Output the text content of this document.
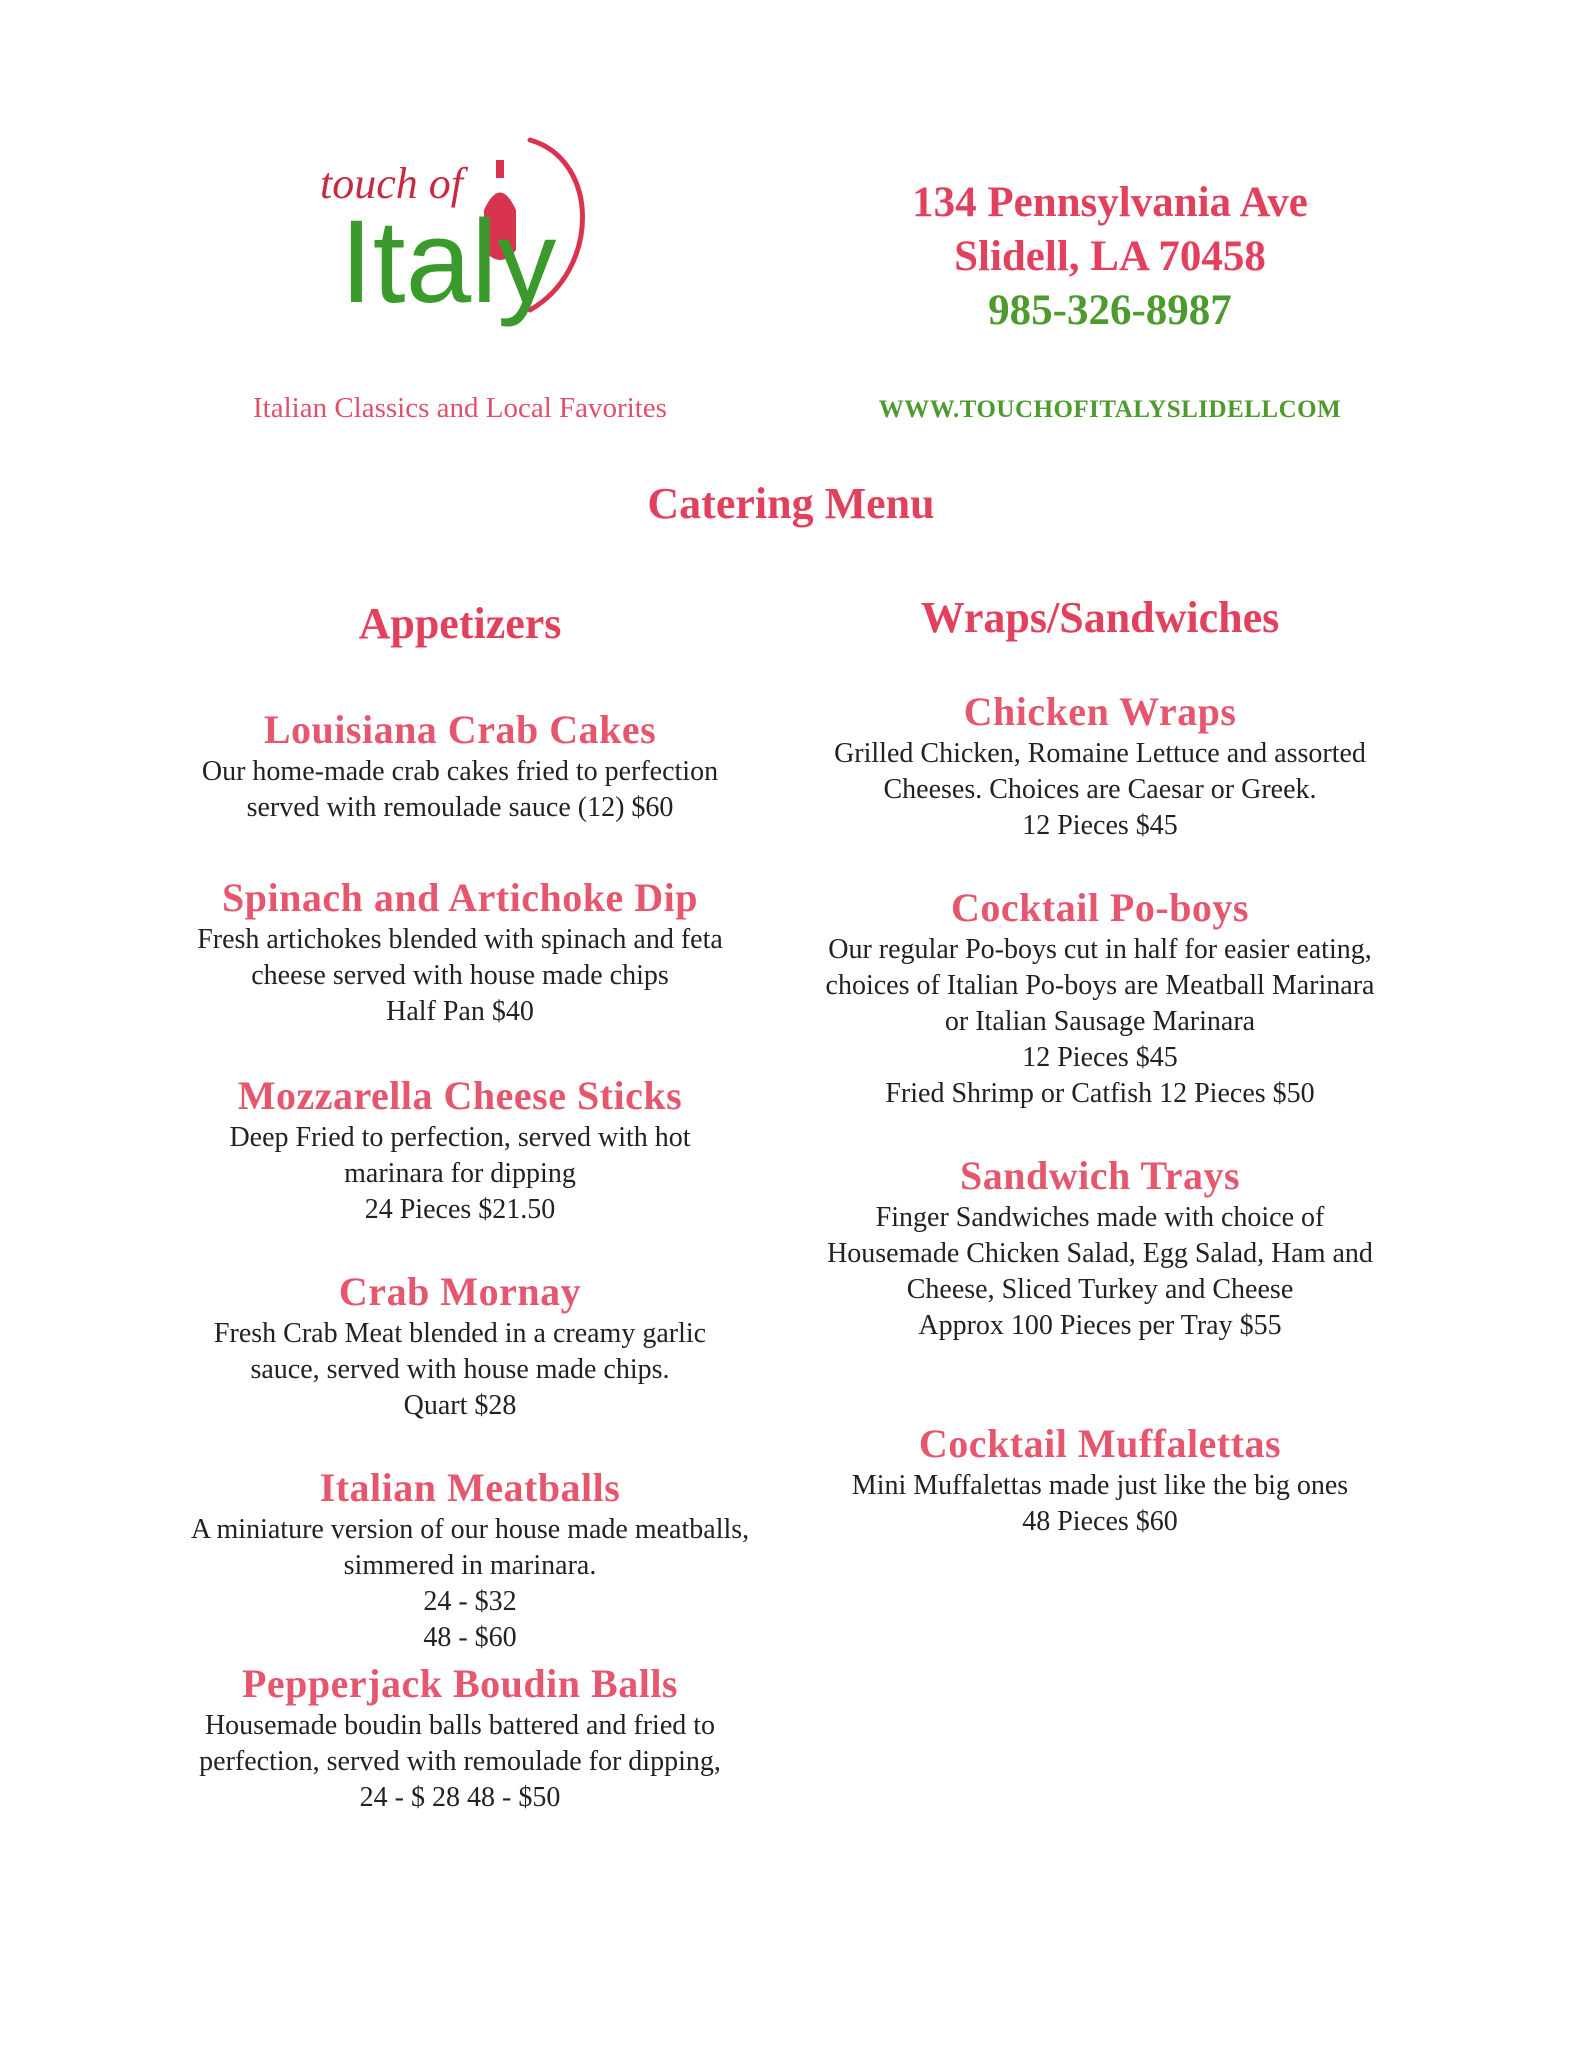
touch of
Italy
Italian Classics and Local Favorites
134 Pennsylvania Ave
Slidell, LA 70458
985-326-8987
WWW.TOUCHOFITALYSLIDELLCOM
Catering Menu
Appetizers
Louisiana Crab Cakes
Our home-made crab cakes fried to perfection
served with remoulade sauce (12) $60
Spinach and Artichoke Dip
Fresh artichokes blended with spinach and feta
cheese served with house made chips
Half Pan $40
Mozzarella Cheese Sticks
Deep Fried to perfection, served with hot
marinara for dipping
24 Pieces $21.50
Crab Mornay
Fresh Crab Meat blended in a creamy garlic
sauce, served with house made chips.
Quart $28
Italian Meatballs
A miniature version of our house made meatballs,
simmered in marinara.
24 - $32
48 - $60
Pepperjack Boudin Balls
Housemade boudin balls battered and fried to
perfection, served with remoulade for dipping,
24 - $ 28 48 - $50
Wraps/Sandwiches
Chicken Wraps
Grilled Chicken, Romaine Lettuce and assorted
Cheeses. Choices are Caesar or Greek.
12 Pieces $45
Cocktail Po-boys
Our regular Po-boys cut in half for easier eating,
choices of Italian Po-boys are Meatball Marinara
or Italian Sausage Marinara
12 Pieces $45
Fried Shrimp or Catfish 12 Pieces $50
Sandwich Trays
Finger Sandwiches made with choice of
Housemade Chicken Salad, Egg Salad, Ham and
Cheese, Sliced Turkey and Cheese
Approx 100 Pieces per Tray $55
Cocktail Muffalettas
Mini Muffalettas made just like the big ones
48 Pieces $60
